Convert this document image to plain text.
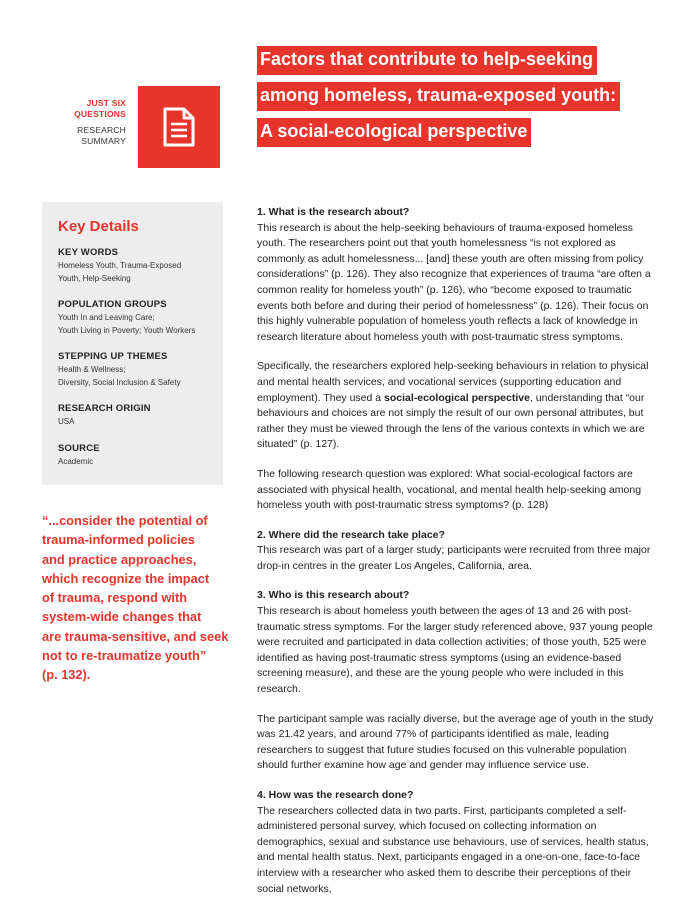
JUST SIX
QUESTIONS
RESEARCH
SUMMARY
Factors that contribute to help-seeking
among homeless, trauma-exposed youth:
A social-ecological perspective
Key Details
KEY WORDS
Homeless Youth, Trauma-Exposed
Youth, Help-Seeking
POPULATION GROUPS
Youth In and Leaving Care;
Youth Living in Poverty; Youth Workers
STEPPING UP THEMES
Health & Wellness;
Diversity, Social Inclusion & Safety
RESEARCH ORIGIN
USA
SOURCE
Academic
“...consider the potential of
trauma-informed policies
and practice approaches,
which recognize the impact
of trauma, respond with
system-wide changes that
are trauma-sensitive, and seek
not to re-traumatize youth”
(p. 132).
1. What is the research about?

This research is about the help-seeking behaviours of trauma-exposed homeless youth. The researchers point out that youth homelessness “is not explored as commonly as adult homelessness... [and] these youth are often missing from policy considerations” (p. 126). They also recognize that experiences of trauma “are often a common reality for homeless youth” (p. 126), who “become exposed to traumatic events both before and during their period of homelessness” (p. 126). Their focus on this highly vulnerable population of homeless youth reflects a lack of knowledge in research literature about homeless youth with post-traumatic stress symptoms.

Specifically, the researchers explored help-seeking behaviours in relation to physical and mental health services, and vocational services (supporting education and employment). They used a social-ecological perspective, understanding that “our behaviours and choices are not simply the result of our own personal attributes, but rather they must be viewed through the lens of the various contexts in which we are situated” (p. 127).

The following research question was explored: What social-ecological factors are associated with physical health, vocational, and mental health help-seeking among homeless youth with post-traumatic stress symptoms? (p. 128)

2. Where did the research take place?

This research was part of a larger study; participants were recruited from three major drop-in centres in the greater Los Angeles, California, area.

3. Who is this research about?

This research is about homeless youth between the ages of 13 and 26 with post-traumatic stress symptoms. For the larger study referenced above, 937 young people were recruited and participated in data collection activities; of those youth, 525 were identified as having post-traumatic stress symptoms (using an evidence-based screening measure), and these are the young people who were included in this research.

The participant sample was racially diverse, but the average age of youth in the study was 21.42 years, and around 77% of participants identified as male, leading researchers to suggest that future studies focused on this vulnerable population should further examine how age and gender may influence service use.

4. How was the research done?

The researchers collected data in two parts. First, participants completed a self-administered personal survey, which focused on collecting information on demographics, sexual and substance use behaviours, use of services, health status, and mental health status. Next, participants engaged in a one-on-one, face-to-face interview with a researcher who asked them to describe their perceptions of their social networks,
